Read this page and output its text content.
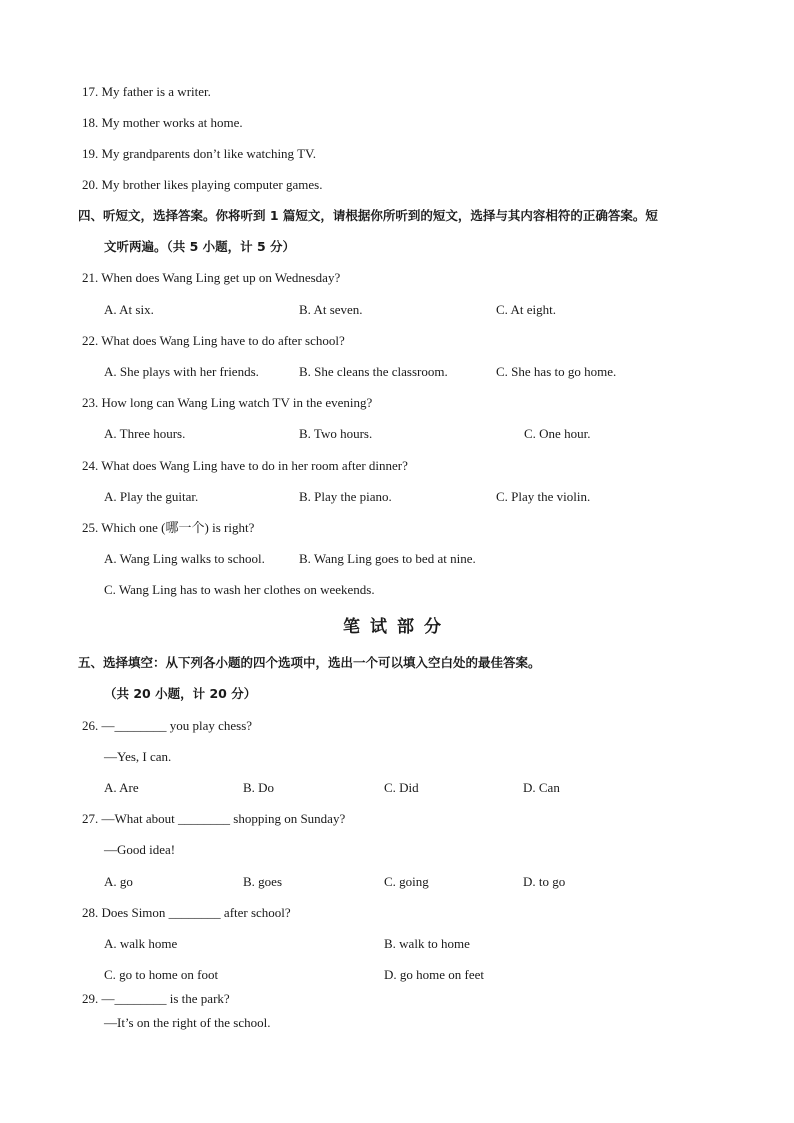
17. My father is a writer.
18. My mother works at home.
19. My grandparents don’t like watching TV.
20. My brother likes playing computer games.
四、听短文，选择答案。你将听到 1 篇短文，请根据你所听到的短文，选择与其内容相符的正确答案。短
文听两遍。（共 5 小题，计 5 分）
21. When does Wang Ling get up on Wednesday?
A. At six.	B. At seven.	C. At eight.
22. What does Wang Ling have to do after school?
A. She plays with her friends.	B. She cleans the classroom.	C. She has to go home.
23. How long can Wang Ling watch TV in the evening?
A. Three hours.	B. Two hours.	C. One hour.
24. What does Wang Ling have to do in her room after dinner?
A. Play the guitar.	B. Play the piano.	C. Play the violin.
25. Which one (哪一个) is right?
A. Wang Ling walks to school.	B. Wang Ling goes to bed at nine.
C. Wang Ling has to wash her clothes on weekends.
笔试部分
五、选择填空：从下列各小题的四个选项中，选出一个可以填入空白处的最佳答案。
（共 20 小题，计 20 分）
26. —________ you play chess?
—Yes, I can.
A. Are	B. Do	C. Did	D. Can
27. —What about ________ shopping on Sunday?
—Good idea!
A. go	B. goes	C. going	D. to go
28. Does Simon ________ after school?
A. walk home	B. walk to home
C. go to home on foot	D. go home on feet
29. —________ is the park?
—It’s on the right of the school.
